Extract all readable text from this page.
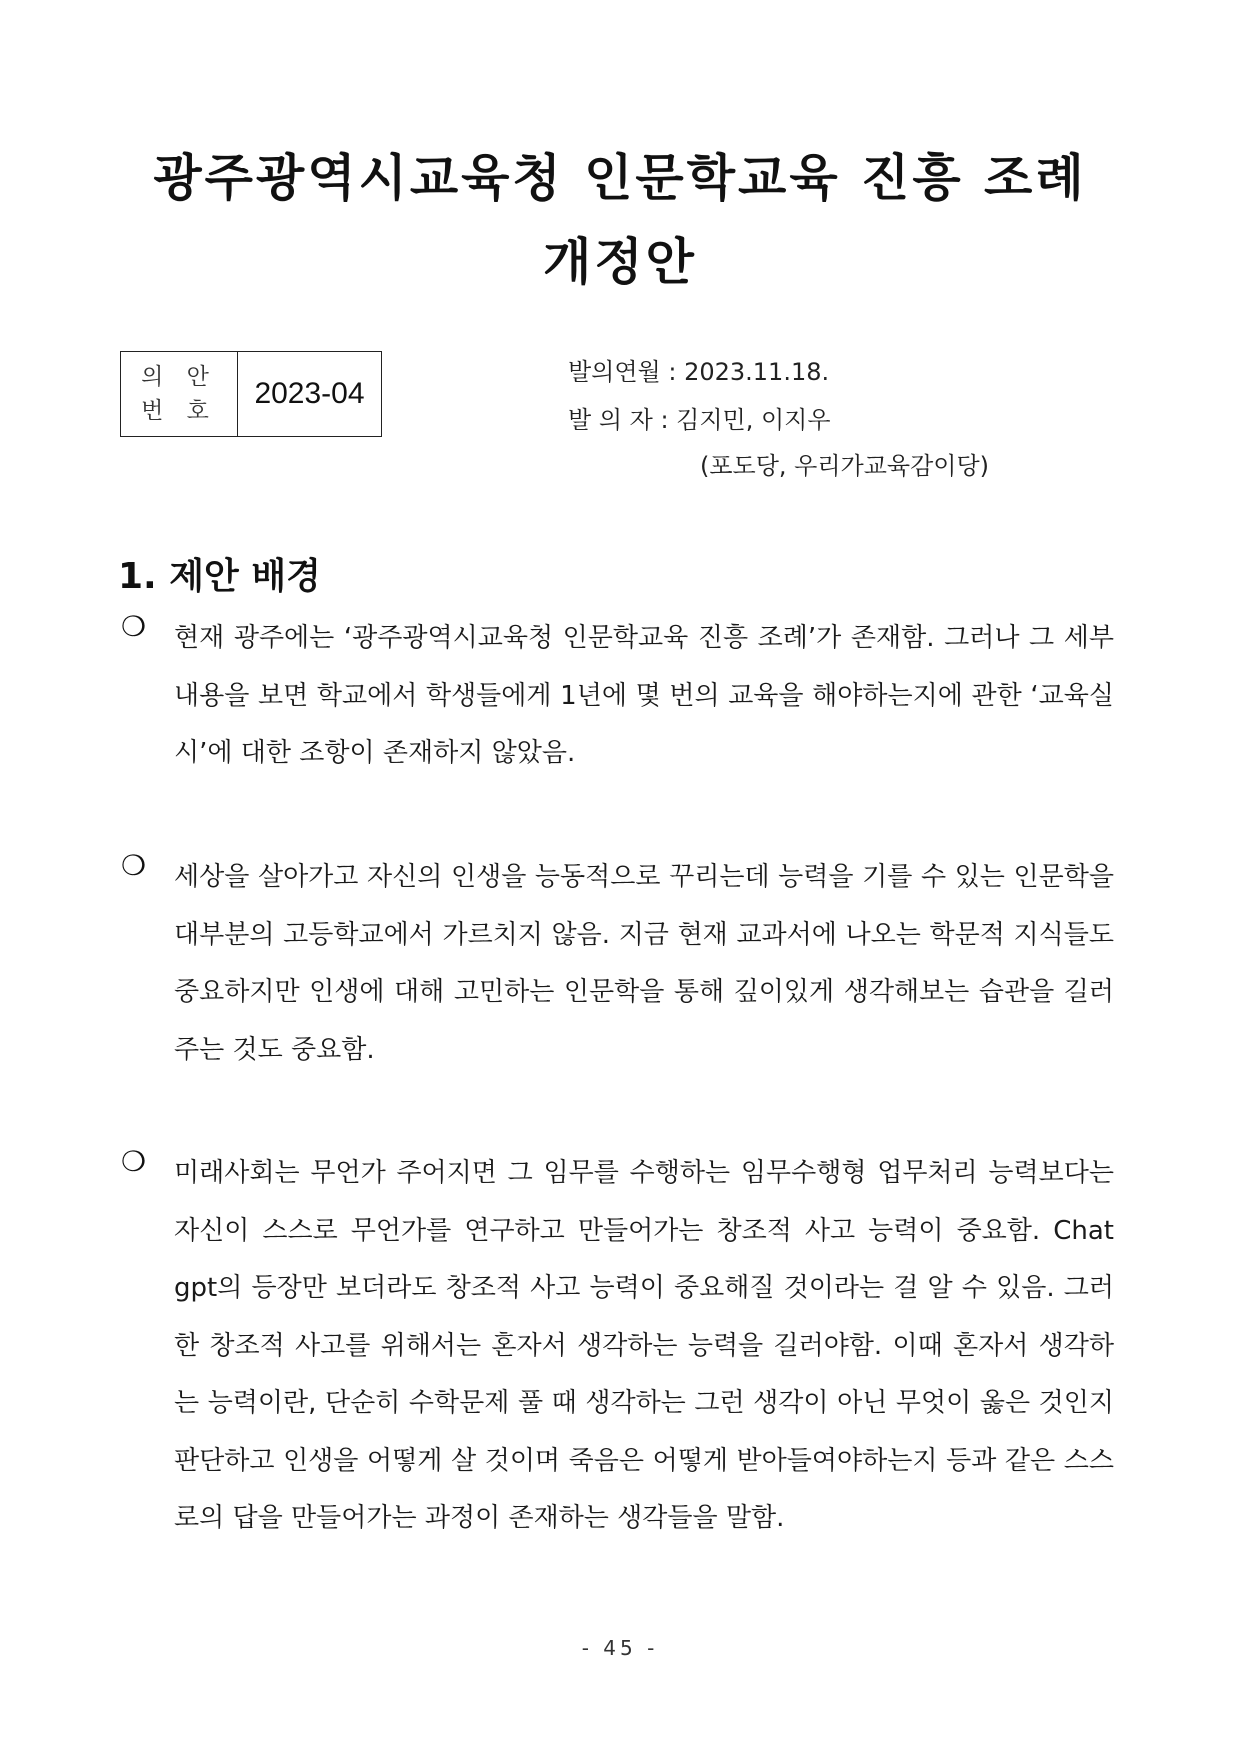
광주광역시교육청 인문학교육 진흥 조례
개정안
의 안
번 호
2023-04

발의연월 : 2023.11.18.

발 의 자 : 김지민, 이지우

(포도당, 우리가교육감이당)

1. 제안 배경
❍ 현재 광주에는 ‘광주광역시교육청 인문학교육 진흥 조례’가 존재함. 그러나 그 세부 내용을 보면 학교에서 학생들에게 1년에 몇 번의 교육을 해야하는지에 관한 ‘교육실시’에 대한 조항이 존재하지 않았음.

❍ 세상을 살아가고 자신의 인생을 능동적으로 꾸리는데 능력을 기를 수 있는 인문학을 대부분의 고등학교에서 가르치지 않음. 지금 현재 교과서에 나오는 학문적 지식들도 중요하지만 인생에 대해 고민하는 인문학을 통해 깊이있게 생각해보는 습관을 길러주는 것도 중요함.

❍ 미래사회는 무언가 주어지면 그 임무를 수행하는 임무수행형 업무처리 능력보다는 자신이 스스로 무언가를 연구하고 만들어가는 창조적 사고 능력이 중요함. Chat gpt의 등장만 보더라도 창조적 사고 능력이 중요해질 것이라는 걸 알 수 있음. 그러한 창조적 사고를 위해서는 혼자서 생각하는 능력을 길러야함. 이때 혼자서 생각하는 능력이란, 단순히 수학문제 풀 때 생각하는 그런 생각이 아닌 무엇이 옳은 것인지 판단하고 인생을 어떻게 살 것이며 죽음은 어떻게 받아들여야하는지 등과 같은 스스로의 답을 만들어가는 과정이 존재하는 생각들을 말함.

- 45 -
